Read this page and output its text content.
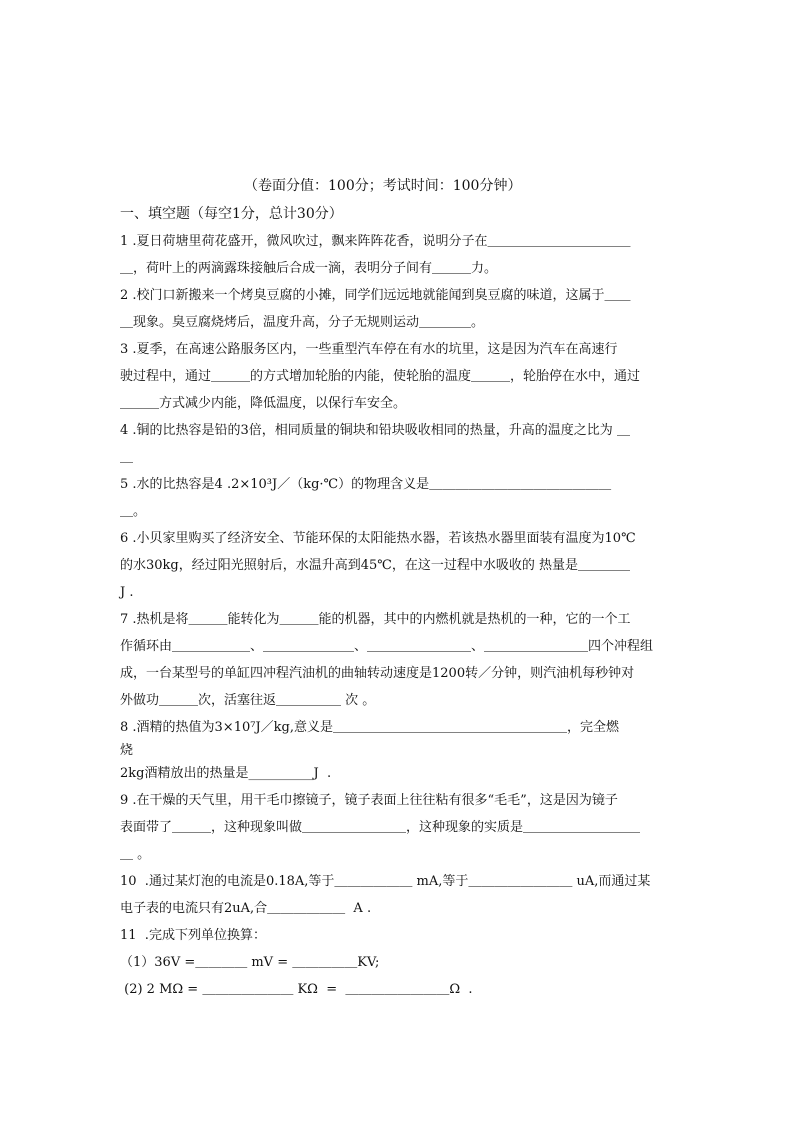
（卷面分值：100分；考试时间：100分钟）
一、填空题（每空1分，总计30分）
1 .夏日荷塘里荷花盛开，微风吹过，飘来阵阵花香，说明分子在＿＿＿＿＿＿＿＿＿＿＿
＿，荷叶上的两滴露珠接触后合成一滴，表明分子间有＿＿＿力。
2 .校门口新搬来一个烤臭豆腐的小摊，同学们远远地就能闻到臭豆腐的味道，这属于＿＿
＿现象。臭豆腐烧烤后，温度升高，分子无规则运动＿＿＿＿。
3 .夏季，在高速公路服务区内，一些重型汽车停在有水的坑里，这是因为汽车在高速行
驶过程中，通过＿＿＿的方式增加轮胎的内能，使轮胎的温度＿＿＿，轮胎停在水中，通过
＿＿＿方式减少内能，降低温度，以保行车安全。
4 .铜的比热容是铅的3倍，相同质量的铜块和铅块吸收相同的热量，升高的温度之比为 ＿
＿
5 .水的比热容是4 .2×10³J／（kg·℃）的物理含义是＿＿＿＿＿＿＿＿＿＿＿＿＿＿
＿。
6 .小贝家里购买了经济安全、节能环保的太阳能热水器，若该热水器里面装有温度为10℃
的水30kg，经过阳光照射后，水温升高到45℃，在这一过程中水吸收的 热量是＿＿＿＿
J .
7 .热机是将＿＿＿能转化为＿＿＿能的机器，其中的内燃机就是热机的一种，它的一个工
作循环由＿＿＿＿＿＿、＿＿＿＿＿＿＿、＿＿＿＿＿＿＿＿、＿＿＿＿＿＿＿＿四个冲程组
成，一台某型号的单缸四冲程汽油机的曲轴转动速度是1200转／分钟，则汽油机每秒钟对
外做功＿＿＿次，活塞往返＿＿＿＿＿ 次 。
8 .酒精的热值为3×10⁷J／kg,意义是＿＿＿＿＿＿＿＿＿＿＿＿＿＿＿＿＿＿，完全燃
烧
2kg酒精放出的热量是__________J  .
9 .在干燥的天气里，用干毛巾擦镜子，镜子表面上往往粘有很多“毛毛”，这是因为镜子
表面带了＿＿＿，这种现象叫做＿＿＿＿＿＿＿＿，这种现象的实质是＿＿＿＿＿＿＿＿＿
＿ 。
10  .通过某灯泡的电流是0.18A,等于＿＿＿＿＿＿ mA,等于＿＿＿＿＿＿＿＿ uA,而通过某
电子表的电流只有2uA,合＿＿＿＿＿＿  A .
11  .完成下列单位换算：
（1）36V =＿＿＿＿ mV = ＿＿＿＿＿KV;
(2) 2 MΩ = ＿＿＿＿＿＿＿ KΩ  =  ＿＿＿＿＿＿＿＿Ω  .
